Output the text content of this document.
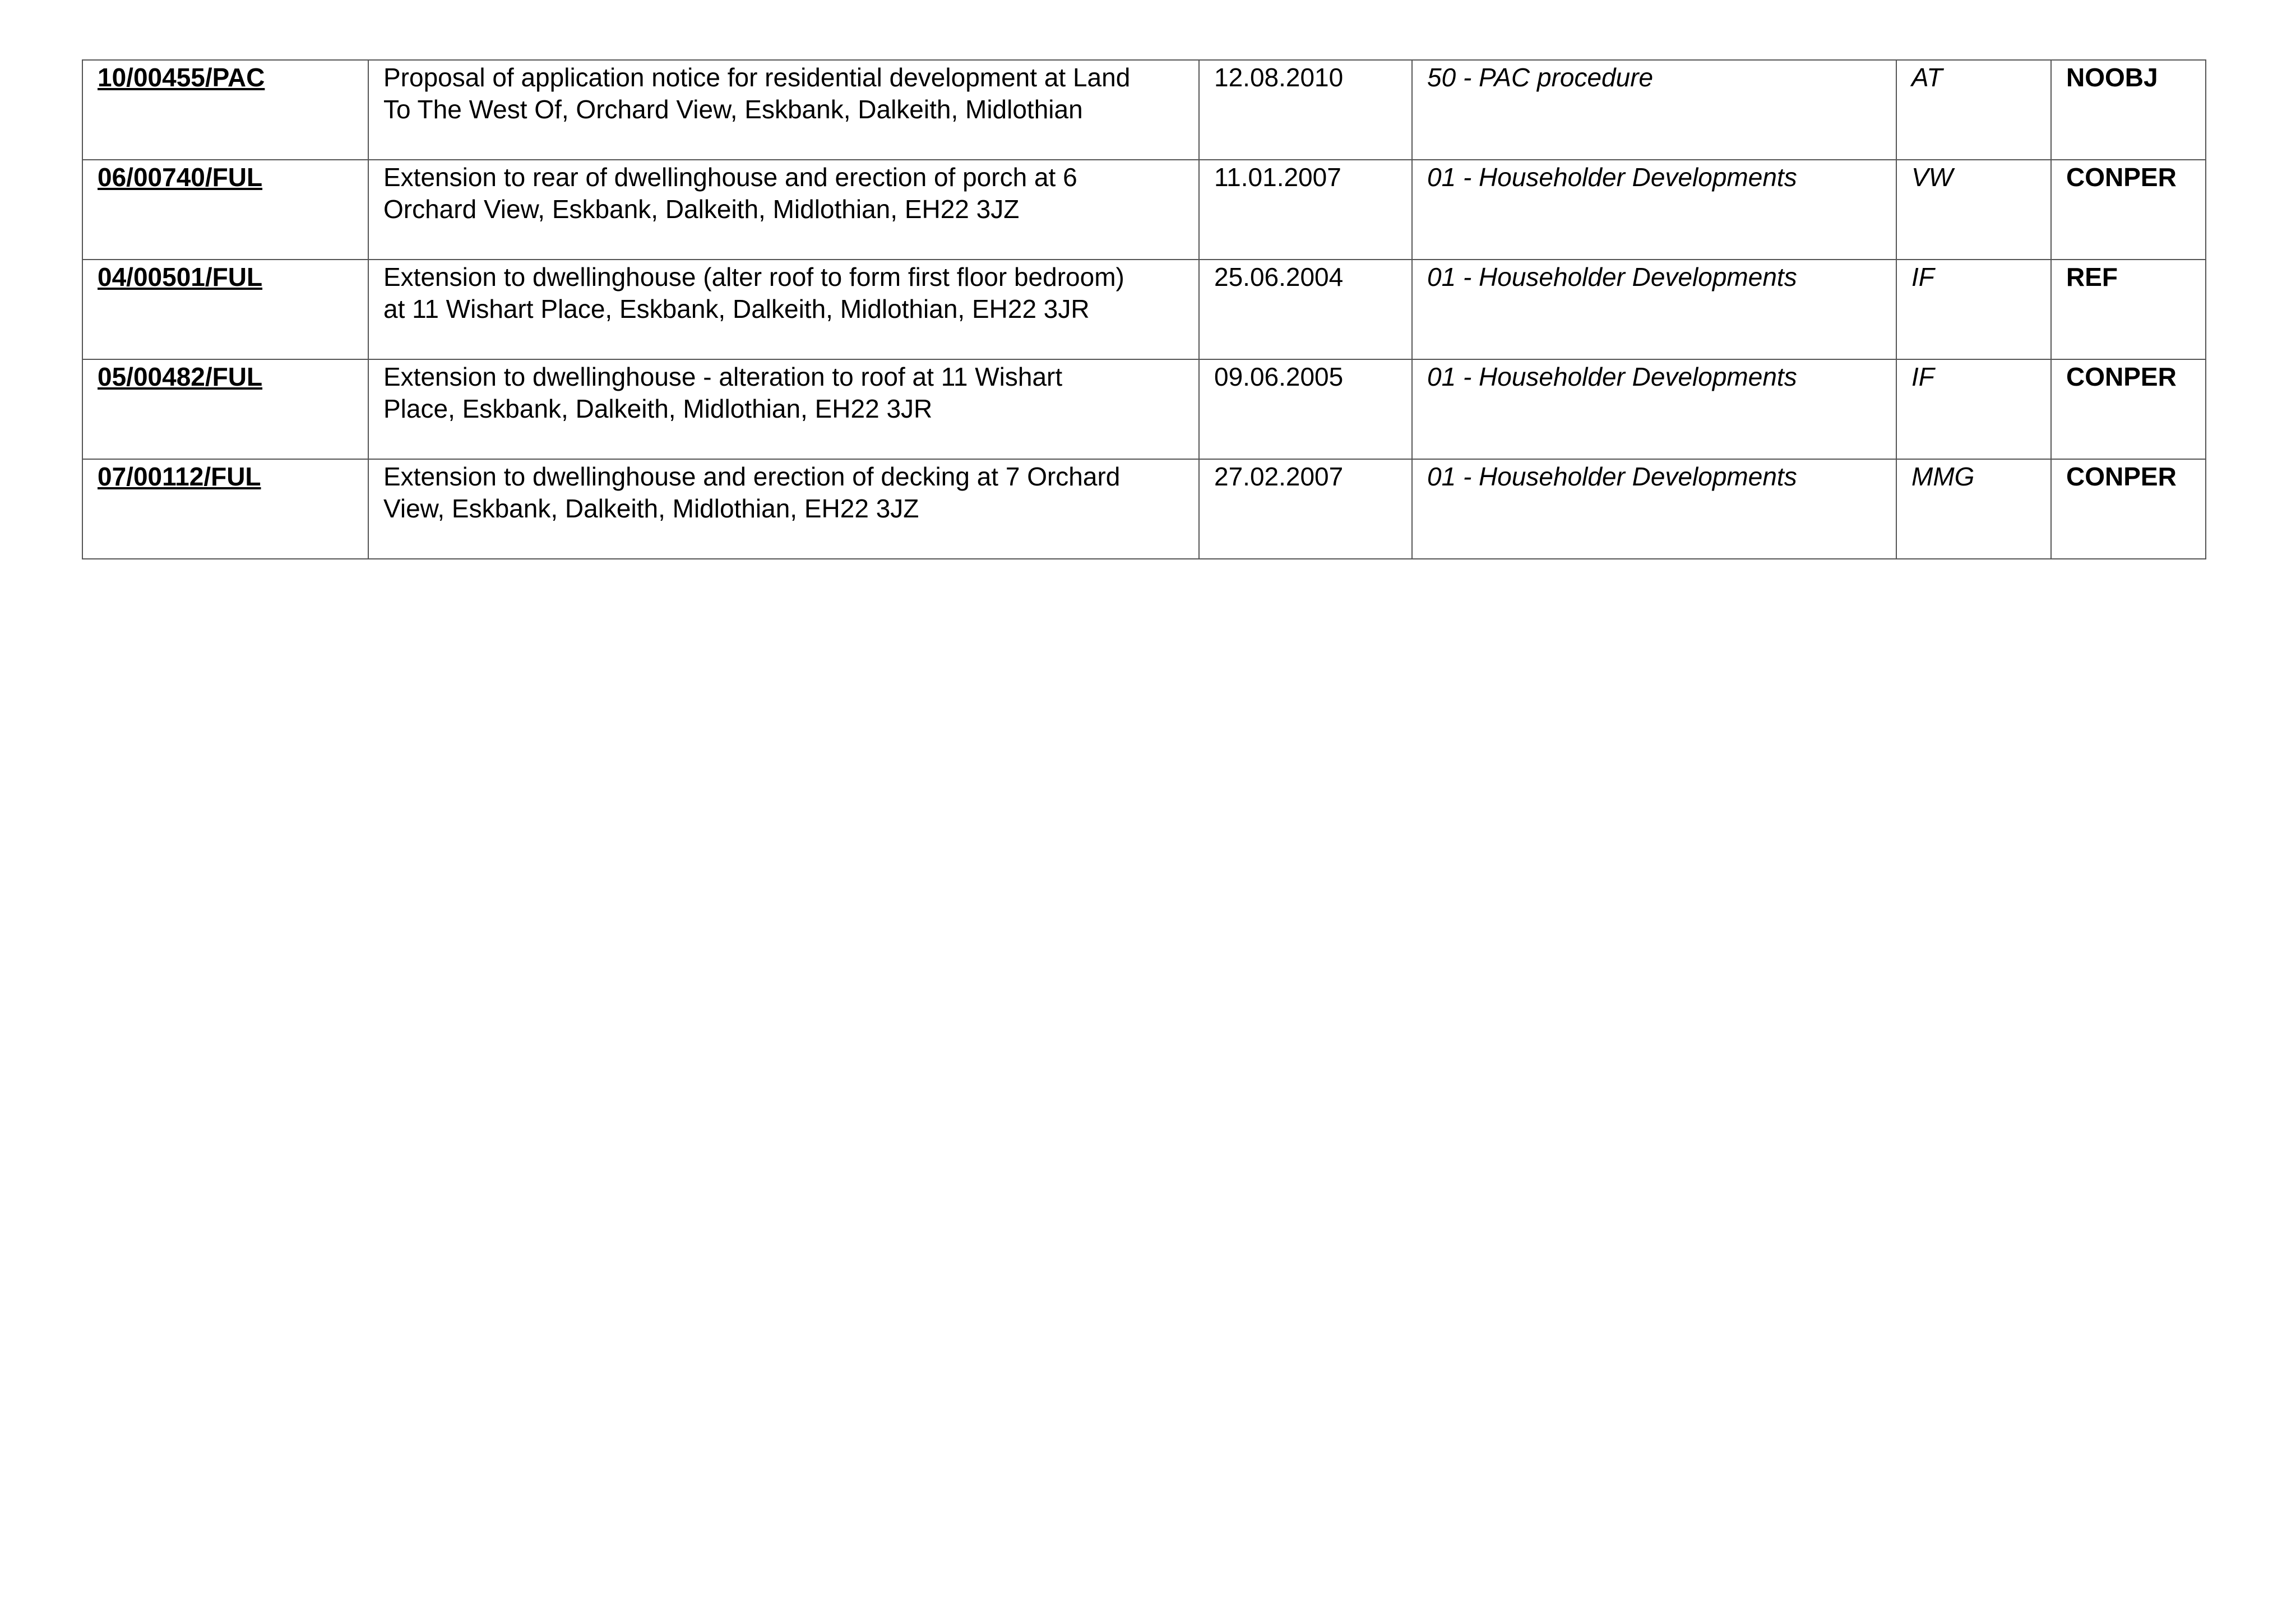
10/00455/PAC	Proposal of application notice for residential development at Land
To The West Of, Orchard View, Eskbank, Dalkeith, Midlothian	12.08.2010	50 - PAC procedure	AT	NOOBJ

06/00740/FUL	Extension to rear of dwellinghouse and erection of porch at 6
Orchard View, Eskbank, Dalkeith, Midlothian, EH22 3JZ	11.01.2007	01 - Householder Developments	VW	CONPER

04/00501/FUL	Extension to dwellinghouse (alter roof to form first floor bedroom)
at 11 Wishart Place, Eskbank, Dalkeith, Midlothian, EH22 3JR	25.06.2004	01 - Householder Developments	IF	REF

05/00482/FUL	Extension to dwellinghouse - alteration to roof at 11 Wishart
Place, Eskbank, Dalkeith, Midlothian, EH22 3JR	09.06.2005	01 - Householder Developments	IF	CONPER

07/00112/FUL	Extension to dwellinghouse and erection of decking at 7 Orchard
View, Eskbank, Dalkeith, Midlothian, EH22 3JZ	27.02.2007	01 - Householder Developments	MMG	CONPER
